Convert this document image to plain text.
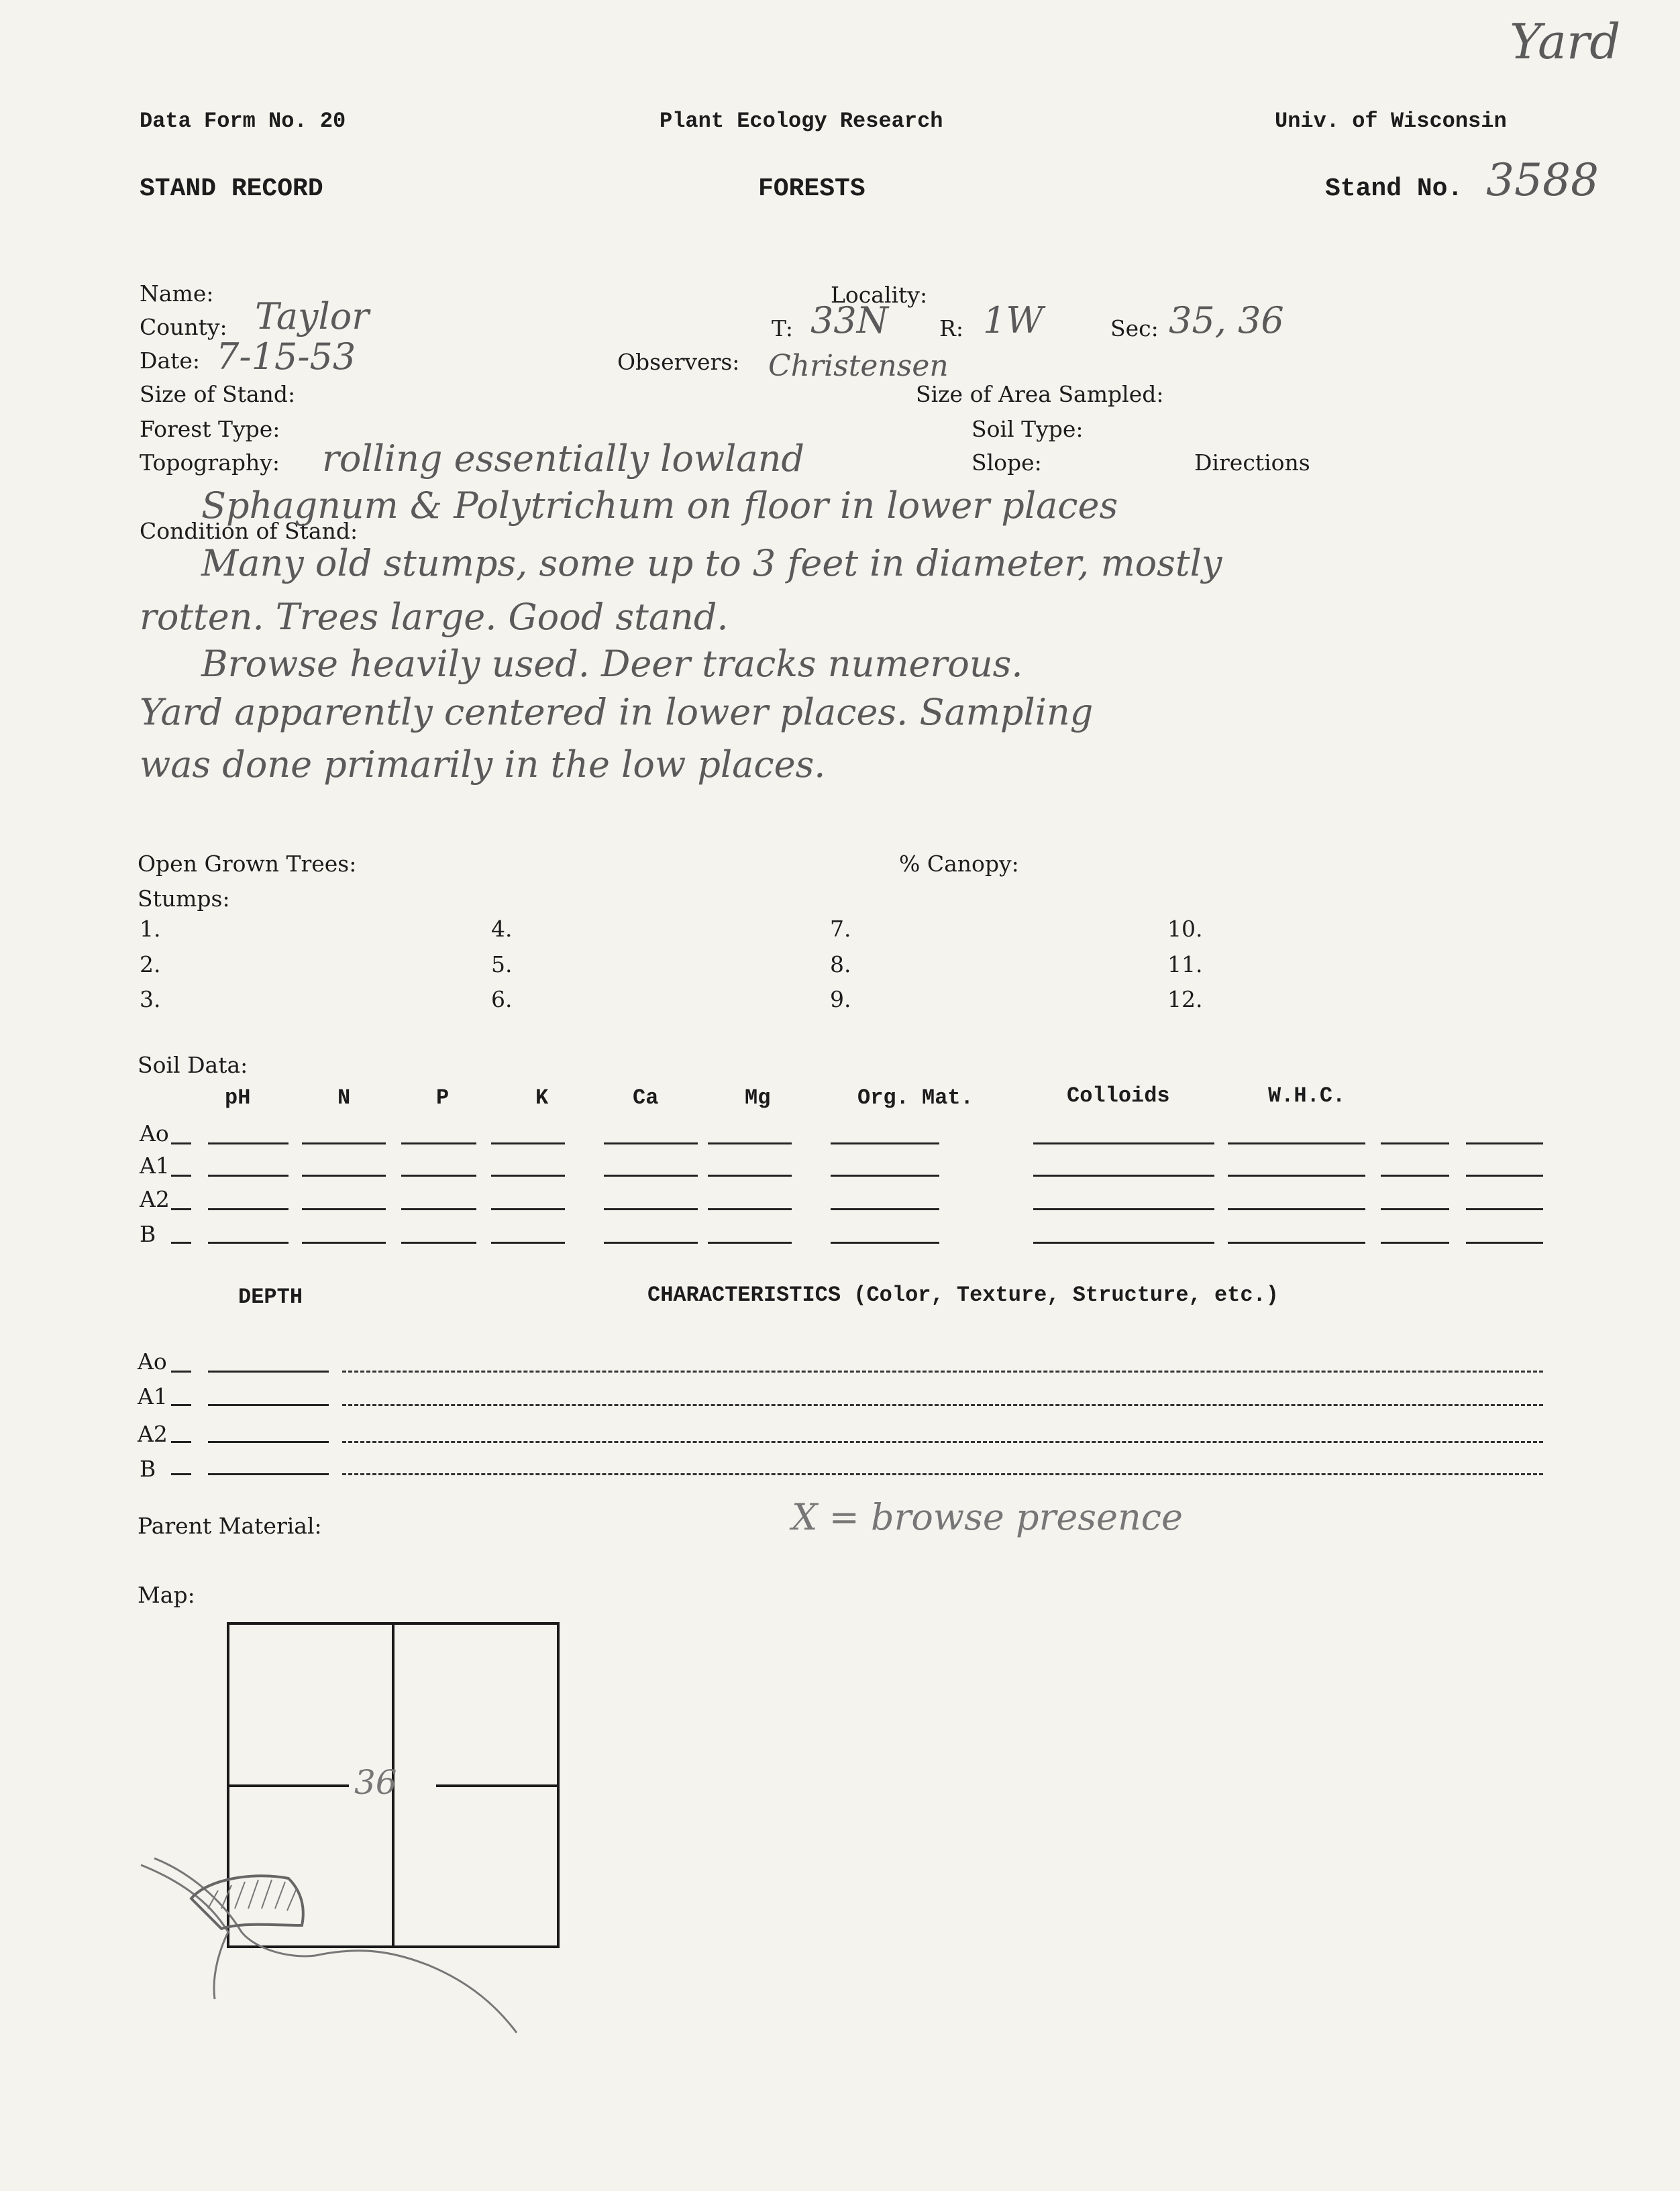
Yard
Data Form No. 20	Plant Ecology Research	Univ. of Wisconsin
STAND RECORD	FORESTS	Stand No. 3588
Name:
County: Taylor
Date: 7-15-53
Size of Stand:
Forest Type:
Topography: rolling essentially lowland
Locality:
T: 33N R: 1W	Sec: 35, 36
Observers: Christensen
Size of Area Sampled:
Soil Type:
Slope:	Directions
Condition of Stand:
Sphagnum & Polytrichum on floor in lower places
Many old stumps, some up to 3 feet in diameter, mostly
rotten. Trees large. Good stand.
Browse heavily used. Deer tracks numerous.
Yard apparently centered in lower places. Sampling
was done primarily in the low places.
Open Grown Trees:	% Canopy:
Stumps:
1.
2.
3.
4.
5.
6.
7.
8.
9.
10.
11.
12.
Soil Data:
pH	N	P	K	Ca	Mg	Org. Mat.	Colloids	W.H.C.
Ao
A1
A2
B
DEPTH	CHARACTERISTICS (Color, Texture, Structure, etc.)
Ao
A1
A2
B
Parent Material:	X = browse presence
Map:
36
